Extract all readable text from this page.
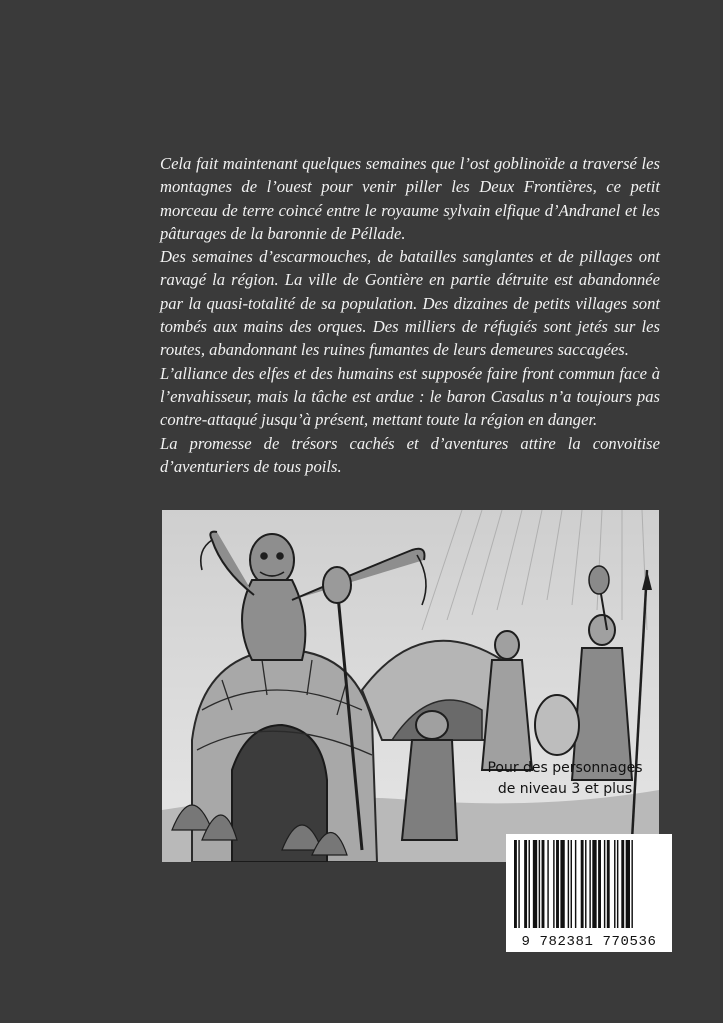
Cela fait maintenant quelques semaines que l’ost goblinoïde a traversé les montagnes de l’ouest pour venir piller les Deux Frontières, ce petit morceau de terre coincé entre le royaume sylvain elfique d’Andranel et les pâturages de la baronnie de Péllade.

Des semaines d’escarmouches, de batailles sanglantes et de pillages ont ravagé la région. La ville de Gontière en partie détruite est abandonnée par la quasi-totalité de sa population. Des dizaines de petits villages sont tombés aux mains des orques. Des milliers de réfugiés sont jetés sur les routes, abandonnant les ruines fumantes de leurs demeures saccagées.

L’alliance des elfes et des humains est supposée faire front commun face à l’envahisseur, mais la tâche est ardue : le baron Casalus n’a toujours pas contre-attaqué jusqu’à présent, mettant toute la région en danger.

La promesse de trésors cachés et d’aventures attire la convoitise d’aventuriers de tous poils.

Pour des personnages
de niveau 3 et plus
9 782381 770536
